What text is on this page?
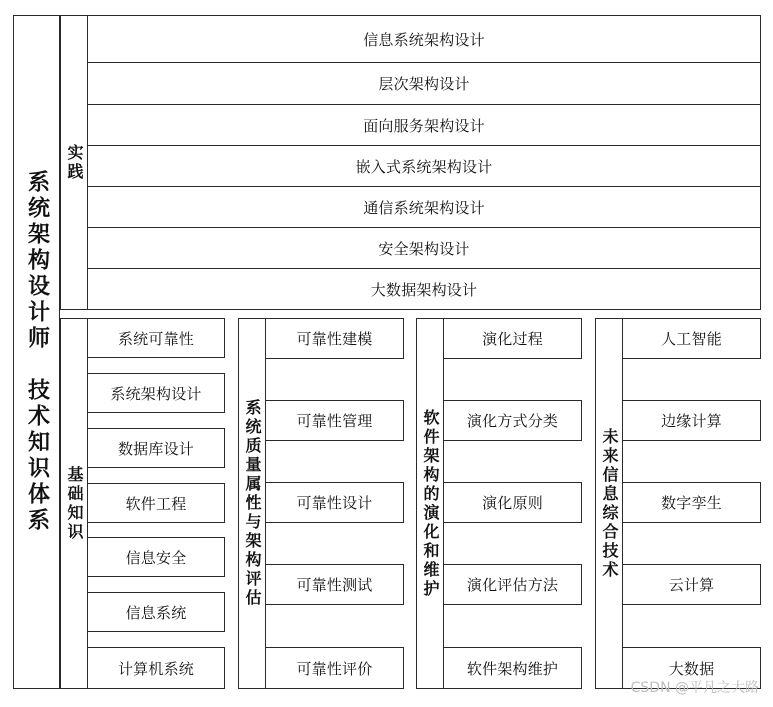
系统架构设计师
技术知识体系
实践
信息系统架构设计
层次架构设计
面向服务架构设计
嵌入式系统架构设计
通信系统架构设计
安全架构设计
大数据架构设计
基础知识
系统可靠性
系统架构设计
数据库设计
软件工程
信息安全
信息系统
计算机系统
系统质量属性与架构评估
可靠性建模
可靠性管理
可靠性设计
可靠性测试
可靠性评价
软件架构的演化和维护
演化过程
演化方式分类
演化原则
演化评估方法
软件架构维护
未来信息综合技术
人工智能
边缘计算
数字孪生
云计算
大数据
CSDN @平凡之大路
